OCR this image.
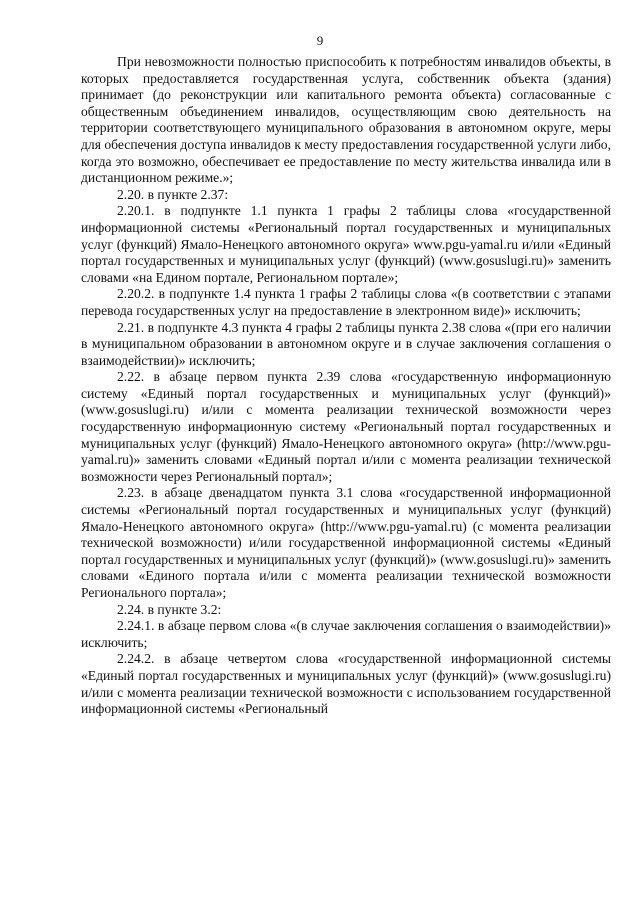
9

При невозможности полностью приспособить к потребностям инвалидов объекты, в которых предоставляется государственная услуга, собственник объекта (здания) принимает (до реконструкции или капитального ремонта объекта) согласованные с общественным объединением инвалидов, осуществляющим свою деятельность на территории соответствующего муниципального образования в автономном округе, меры для обеспечения доступа инвалидов к месту предоставления государственной услуги либо, когда это возможно, обеспечивает ее предоставление по месту жительства инвалида или в дистанционном режиме.»;

2.20. в пункте 2.37:

2.20.1. в подпункте 1.1 пункта 1 графы 2 таблицы слова «государственной информационной системы «Региональный портал государственных и муниципальных услуг (функций) Ямало-Ненецкого автономного округа» www.pgu-yamal.ru и/или «Единый портал государственных и муниципальных услуг (функций) (www.gosuslugi.ru)» заменить словами «на Едином портале, Региональном портале»;

2.20.2. в подпункте 1.4 пункта 1 графы 2 таблицы слова «(в соответствии с этапами перевода государственных услуг на предоставление в электронном виде)» исключить;

2.21. в подпункте 4.3 пункта 4 графы 2 таблицы пункта 2.38 слова «(при его наличии в муниципальном образовании в автономном округе и в случае заключения соглашения о взаимодействии)» исключить;

2.22. в абзаце первом пункта 2.39 слова «государственную информационную систему «Единый портал государственных и муниципальных услуг (функций)» (www.gosuslugi.ru) и/или с момента реализации технической возможности через государственную информационную систему «Региональный портал государственных и муниципальных услуг (функций) Ямало-Ненецкого автономного округа» (http://www.pgu-yamal.ru)» заменить словами «Единый портал и/или с момента реализации технической возможности через Региональный портал»;

2.23. в абзаце двенадцатом пункта 3.1 слова «государственной информационной системы «Региональный портал государственных и муниципальных услуг (функций) Ямало-Ненецкого автономного округа» (http://www.pgu-yamal.ru) (с момента реализации технической возможности) и/или государственной информационной системы «Единый портал государственных и муниципальных услуг (функций)» (www.gosuslugi.ru)» заменить словами «Единого портала и/или с момента реализации технической возможности Регионального портала»;

2.24. в пункте 3.2:

2.24.1. в абзаце первом слова «(в случае заключения соглашения о взаимодействии)» исключить;

2.24.2. в абзаце четвертом слова «государственной информационной системы «Единый портал государственных и муниципальных услуг (функций)» (www.gosuslugi.ru) и/или с момента реализации технической возможности с использованием государственной информационной системы «Региональный
